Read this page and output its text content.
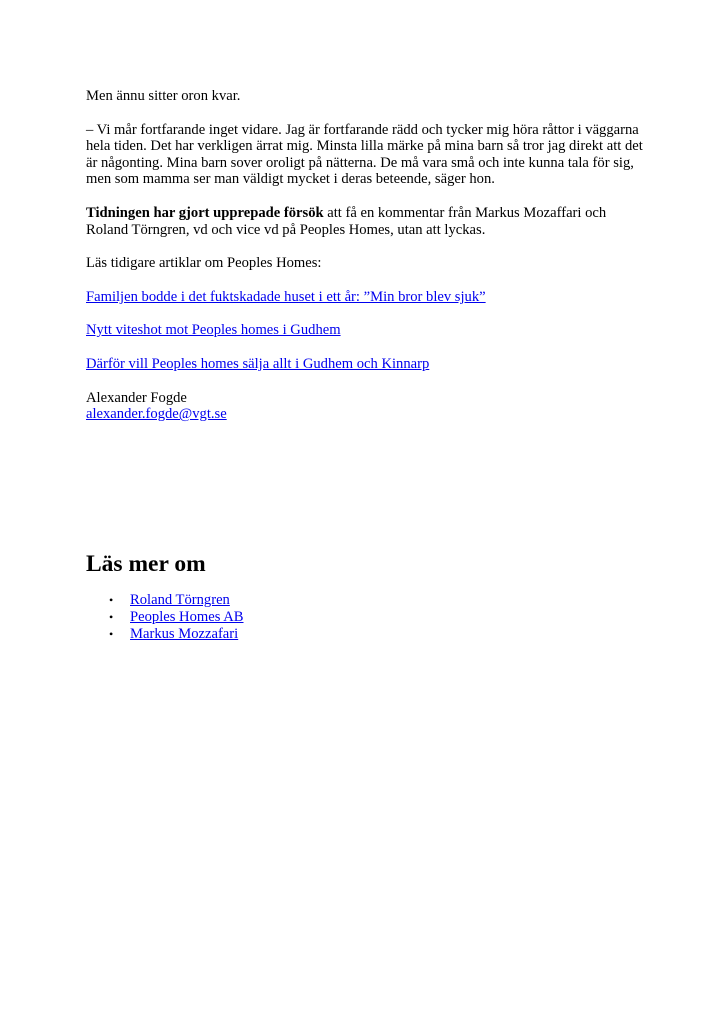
Men ännu sitter oron kvar.

– Vi mår fortfarande inget vidare. Jag är fortfarande rädd och tycker mig höra råttor i väggarna hela tiden. Det har verkligen ärrat mig. Minsta lilla märke på mina barn så tror jag direkt att det är någonting. Mina barn sover oroligt på nätterna. De må vara små och inte kunna tala för sig, men som mamma ser man väldigt mycket i deras beteende, säger hon.

Tidningen har gjort upprepade försök att få en kommentar från Markus Mozaffari och Roland Törngren, vd och vice vd på Peoples Homes, utan att lyckas.

Läs tidigare artiklar om Peoples Homes:

Familjen bodde i det fuktskadade huset i ett år: ”Min bror blev sjuk”

Nytt viteshot mot Peoples homes i Gudhem

Därför vill Peoples homes sälja allt i Gudhem och Kinnarp

Alexander Fogde

alexander.fogde@vgt.se

Läs mer om
• Roland Törngren
• Peoples Homes AB
• Markus Mozzafari
